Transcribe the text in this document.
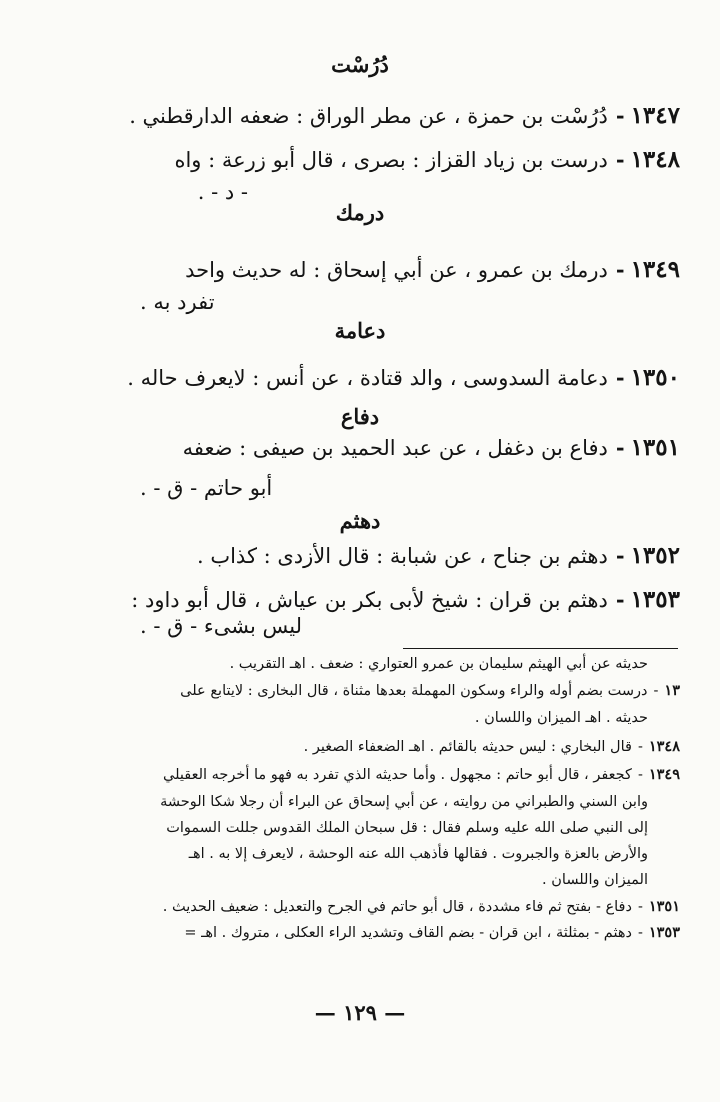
دُرُسْت
١٣٤٧-دُرُسْت بن حمزة ، عن مطر الوراق : ضعفه الدارقطني .
١٣٤٨-درست بن زياد القزاز : بصرى ، قال أبو زرعة : واه
- د - .
درمك
١٣٤٩-درمك بن عمرو ، عن أبي إسحاق : له حديث واحد
تفرد به .
دعامة
١٣٥٠-دعامة السدوسى ، والد قتادة ، عن أنس : لايعرف حاله .
دفاع
١٣٥١-دفاع بن دغفل ، عن عبد الحميد بن صيفى : ضعفه
أبو حاتم - ق - .
دهثم
١٣٥٢-دهثم بن جناح ، عن شبابة : قال الأزدى : كذاب .
١٣٥٣-دهثم بن قران : شيخ لأبى بكر بن عياش ، قال أبو داود :
ليس بشىء - ق - .
حديثه عن أبي الهيثم سليمان بن عمرو العتواري : ضعف . اهـ التقريب .
١٣-درست بضم أوله والراء وسكون المهملة بعدها مثناة ، قال البخارى : لايتابع على
حديثه . اهـ الميزان واللسان .
١٣٤٨-قال البخاري : ليس حديثه بالقائم . اهـ الضعفاء الصغير .
١٣٤٩-كجعفر ، قال أبو حاتم : مجهول . وأما حديثه الذي تفرد به فهو ما أخرجه العقيلي
وابن السني والطبراني من روايته ، عن أبي إسحاق عن البراء أن رجلا شكا الوحشة
إلى النبي صلى الله عليه وسلم فقال : قل سبحان الملك القدوس جللت السموات
والأرض بالعزة والجبروت . فقالها فأذهب الله عنه الوحشة ، لايعرف إلا به . اهـ
الميزان واللسان .
١٣٥١-دفاع - بفتح ثم فاء مشددة ، قال أبو حاتم في الجرح والتعديل : ضعيف الحديث .
١٣٥٣-دهثم - بمثلثة ، ابن قران - بضم القاف وتشديد الراء العكلى ، متروك . اهـ =
— ١٢٩ —
